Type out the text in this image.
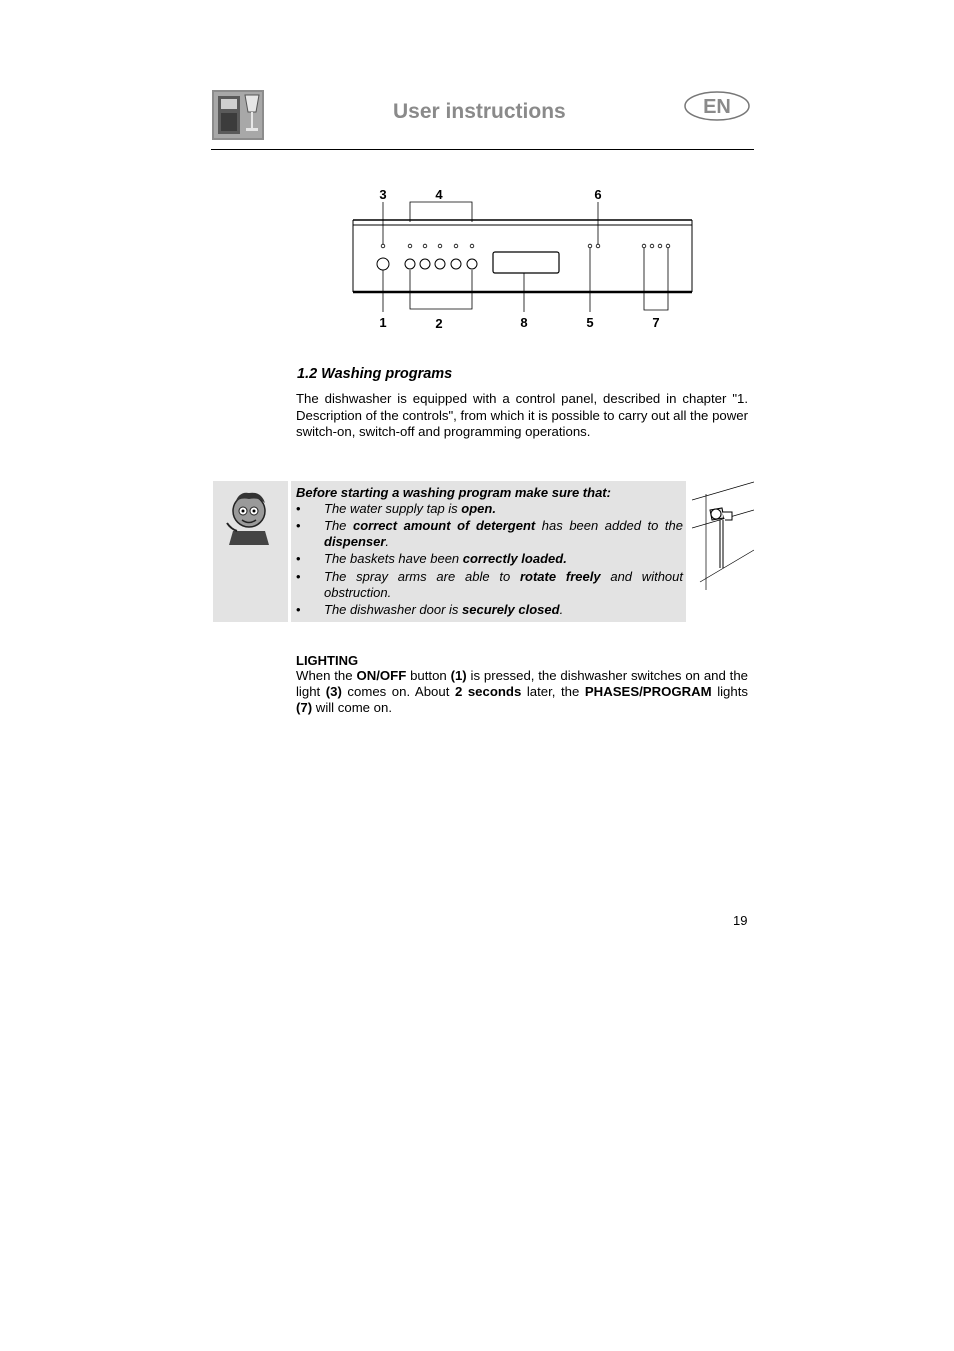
User instructions	EN
3	4	6
1	2	8	5	7
1.2 Washing programs
The dishwasher is equipped with a control panel, described in chapter "1. Description of the controls", from which it is possible to carry out all the power switch-on, switch-off and programming operations.
Before starting a washing program make sure that:
• The water supply tap is open.
• The correct amount of detergent has been added to the dispenser.
• The baskets have been correctly loaded.
• The spray arms are able to rotate freely and without obstruction.
• The dishwasher door is securely closed.
LIGHTING
When the ON/OFF button (1) is pressed, the dishwasher switches on and the light (3) comes on. About 2 seconds later, the PHASES/PROGRAM lights (7) will come on.
19
